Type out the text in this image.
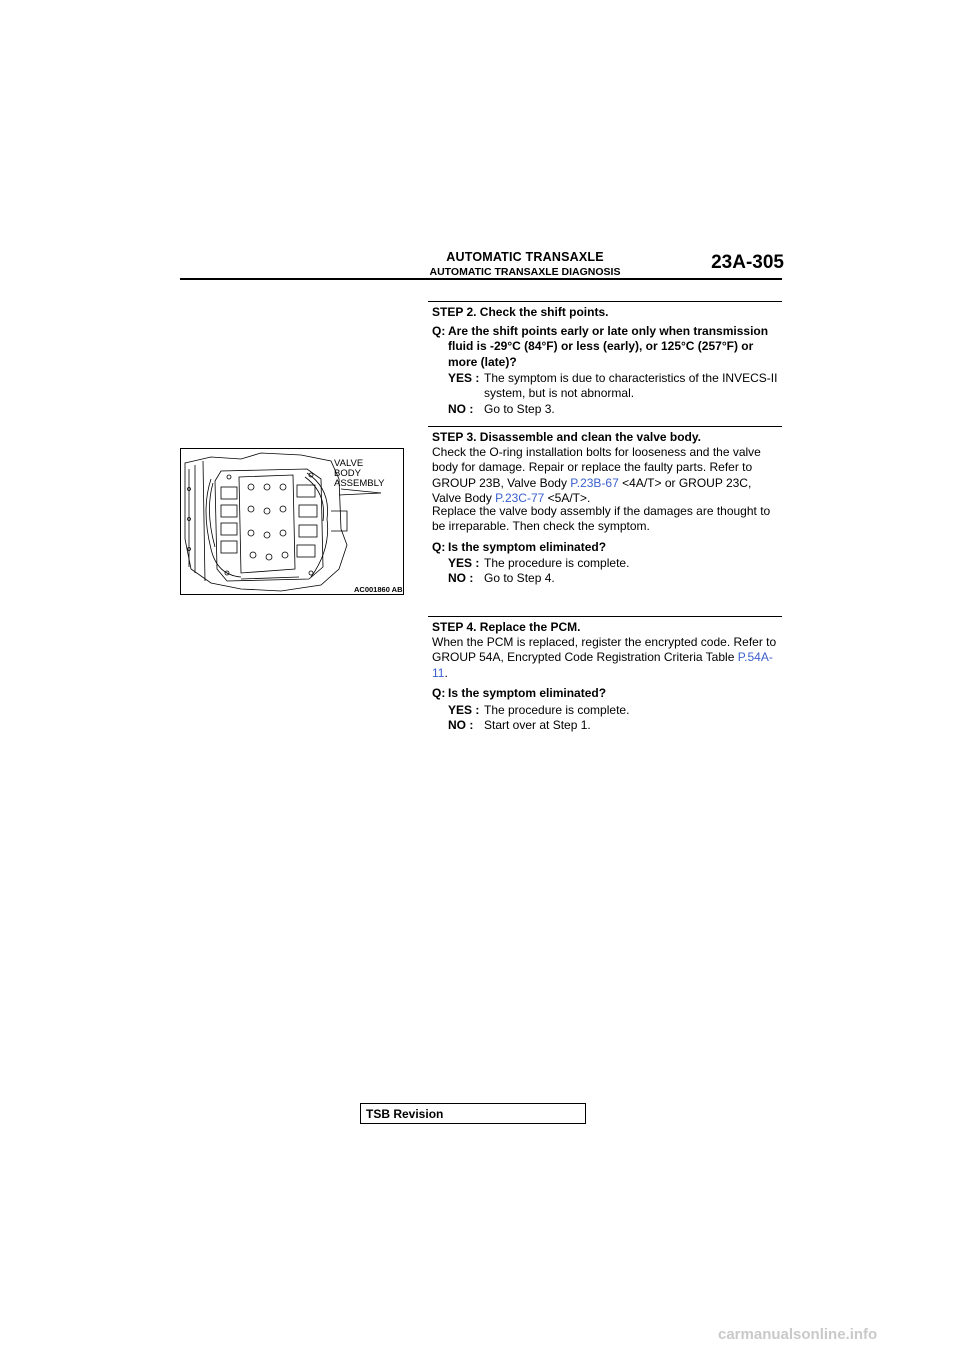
AUTOMATIC TRANSAXLE
AUTOMATIC TRANSAXLE DIAGNOSIS	23A-305
STEP 2. Check the shift points.
Q: Are the shift points early or late only when transmission fluid is -29°C (84°F) or less (early), or 125°C (257°F) or more (late)?
YES : The symptom is due to characteristics of the INVECS-II system, but is not abnormal.
NO : Go to Step 3.
STEP 3. Disassemble and clean the valve body.
Check the O-ring installation bolts for looseness and the valve body for damage. Repair or replace the faulty parts. Refer to GROUP 23B, Valve Body P.23B-67 <4A/T> or GROUP 23C, Valve Body P.23C-77 <5A/T>.
Replace the valve body assembly if the damages are thought to be irreparable. Then check the symptom.
Q: Is the symptom eliminated?
YES : The procedure is complete.
NO : Go to Step 4.
VALVE
BODY
ASSEMBLY
AC001860 AB
STEP 4. Replace the PCM.
When the PCM is replaced, register the encrypted code. Refer to GROUP 54A, Encrypted Code Registration Criteria Table P.54A-11.
Q: Is the symptom eliminated?
YES : The procedure is complete.
NO : Start over at Step 1.
TSB Revision
carmanualsonline.info
